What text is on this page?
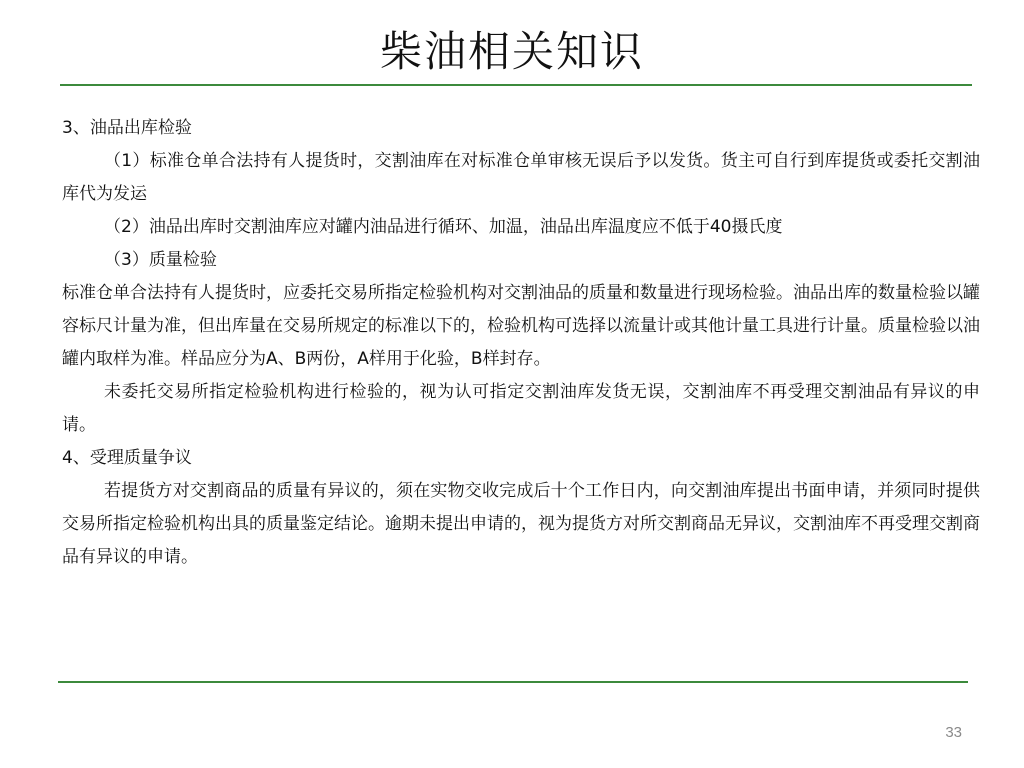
柴油相关知识

3、油品出库检验

（1）标准仓单合法持有人提货时，交割油库在对标准仓单审核无误后予以发货。货主可自行到库提货或委托交割油库代为发运

（2）油品出库时交割油库应对罐内油品进行循环、加温，油品出库温度应不低于40摄氏度

（3）质量检验

标准仓单合法持有人提货时，应委托交易所指定检验机构对交割油品的质量和数量进行现场检验。油品出库的数量检验以罐容标尺计量为准，但出库量在交易所规定的标准以下的，检验机构可选择以流量计或其他计量工具进行计量。质量检验以油罐内取样为准。样品应分为A、B两份，A样用于化验，B样封存。

未委托交易所指定检验机构进行检验的，视为认可指定交割油库发货无误，交割油库不再受理交割油品有异议的申请。

4、受理质量争议

若提货方对交割商品的质量有异议的，须在实物交收完成后十个工作日内，向交割油库提出书面申请，并须同时提供交易所指定检验机构出具的质量鉴定结论。逾期未提出申请的，视为提货方对所交割商品无异议，交割油库不再受理交割商品有异议的申请。

33
